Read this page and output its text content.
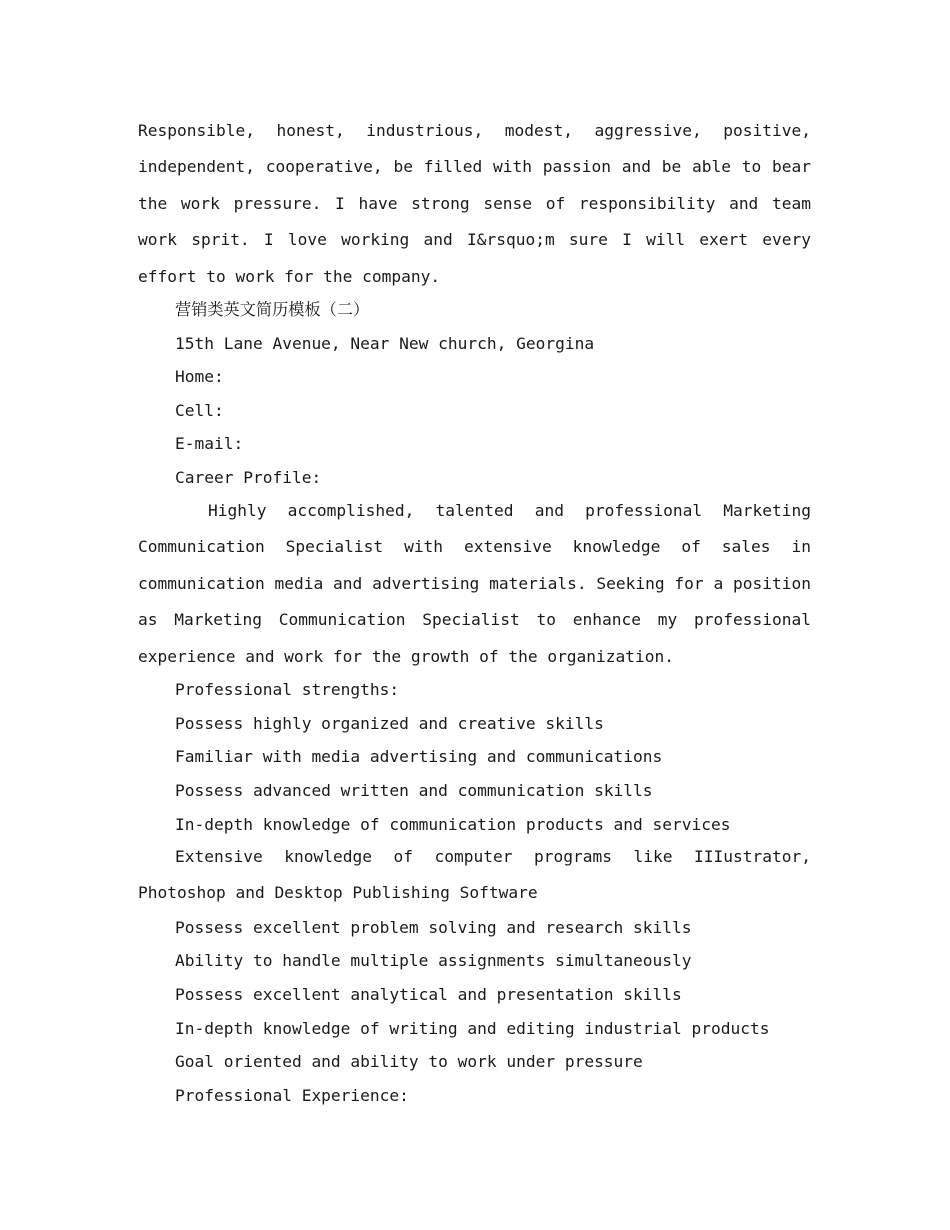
Responsible, honest, industrious, modest, aggressive, positive, independent, cooperative, be filled with passion and be able to bear the work pressure. I have strong sense of responsibility and team work sprit. I love working and I&rsquo;m sure I will exert every effort to work for the company.

营销类英文简历模板（二）

15th Lane Avenue, Near New church, Georgina

Home:

Cell:

E-mail:

Career Profile:

Highly accomplished, talented and professional Marketing Communication Specialist with extensive knowledge of sales in communication media and advertising materials. Seeking for a position as Marketing Communication Specialist to enhance my professional experience and work for the growth of the organization.

Professional strengths:

Possess highly organized and creative skills

Familiar with media advertising and communications

Possess advanced written and communication skills

In-depth knowledge of communication products and services

Extensive knowledge of computer programs like IIIustrator, Photoshop and Desktop Publishing Software

Possess excellent problem solving and research skills

Ability to handle multiple assignments simultaneously

Possess excellent analytical and presentation skills

In-depth knowledge of writing and editing industrial products

Goal oriented and ability to work under pressure

Professional Experience:
